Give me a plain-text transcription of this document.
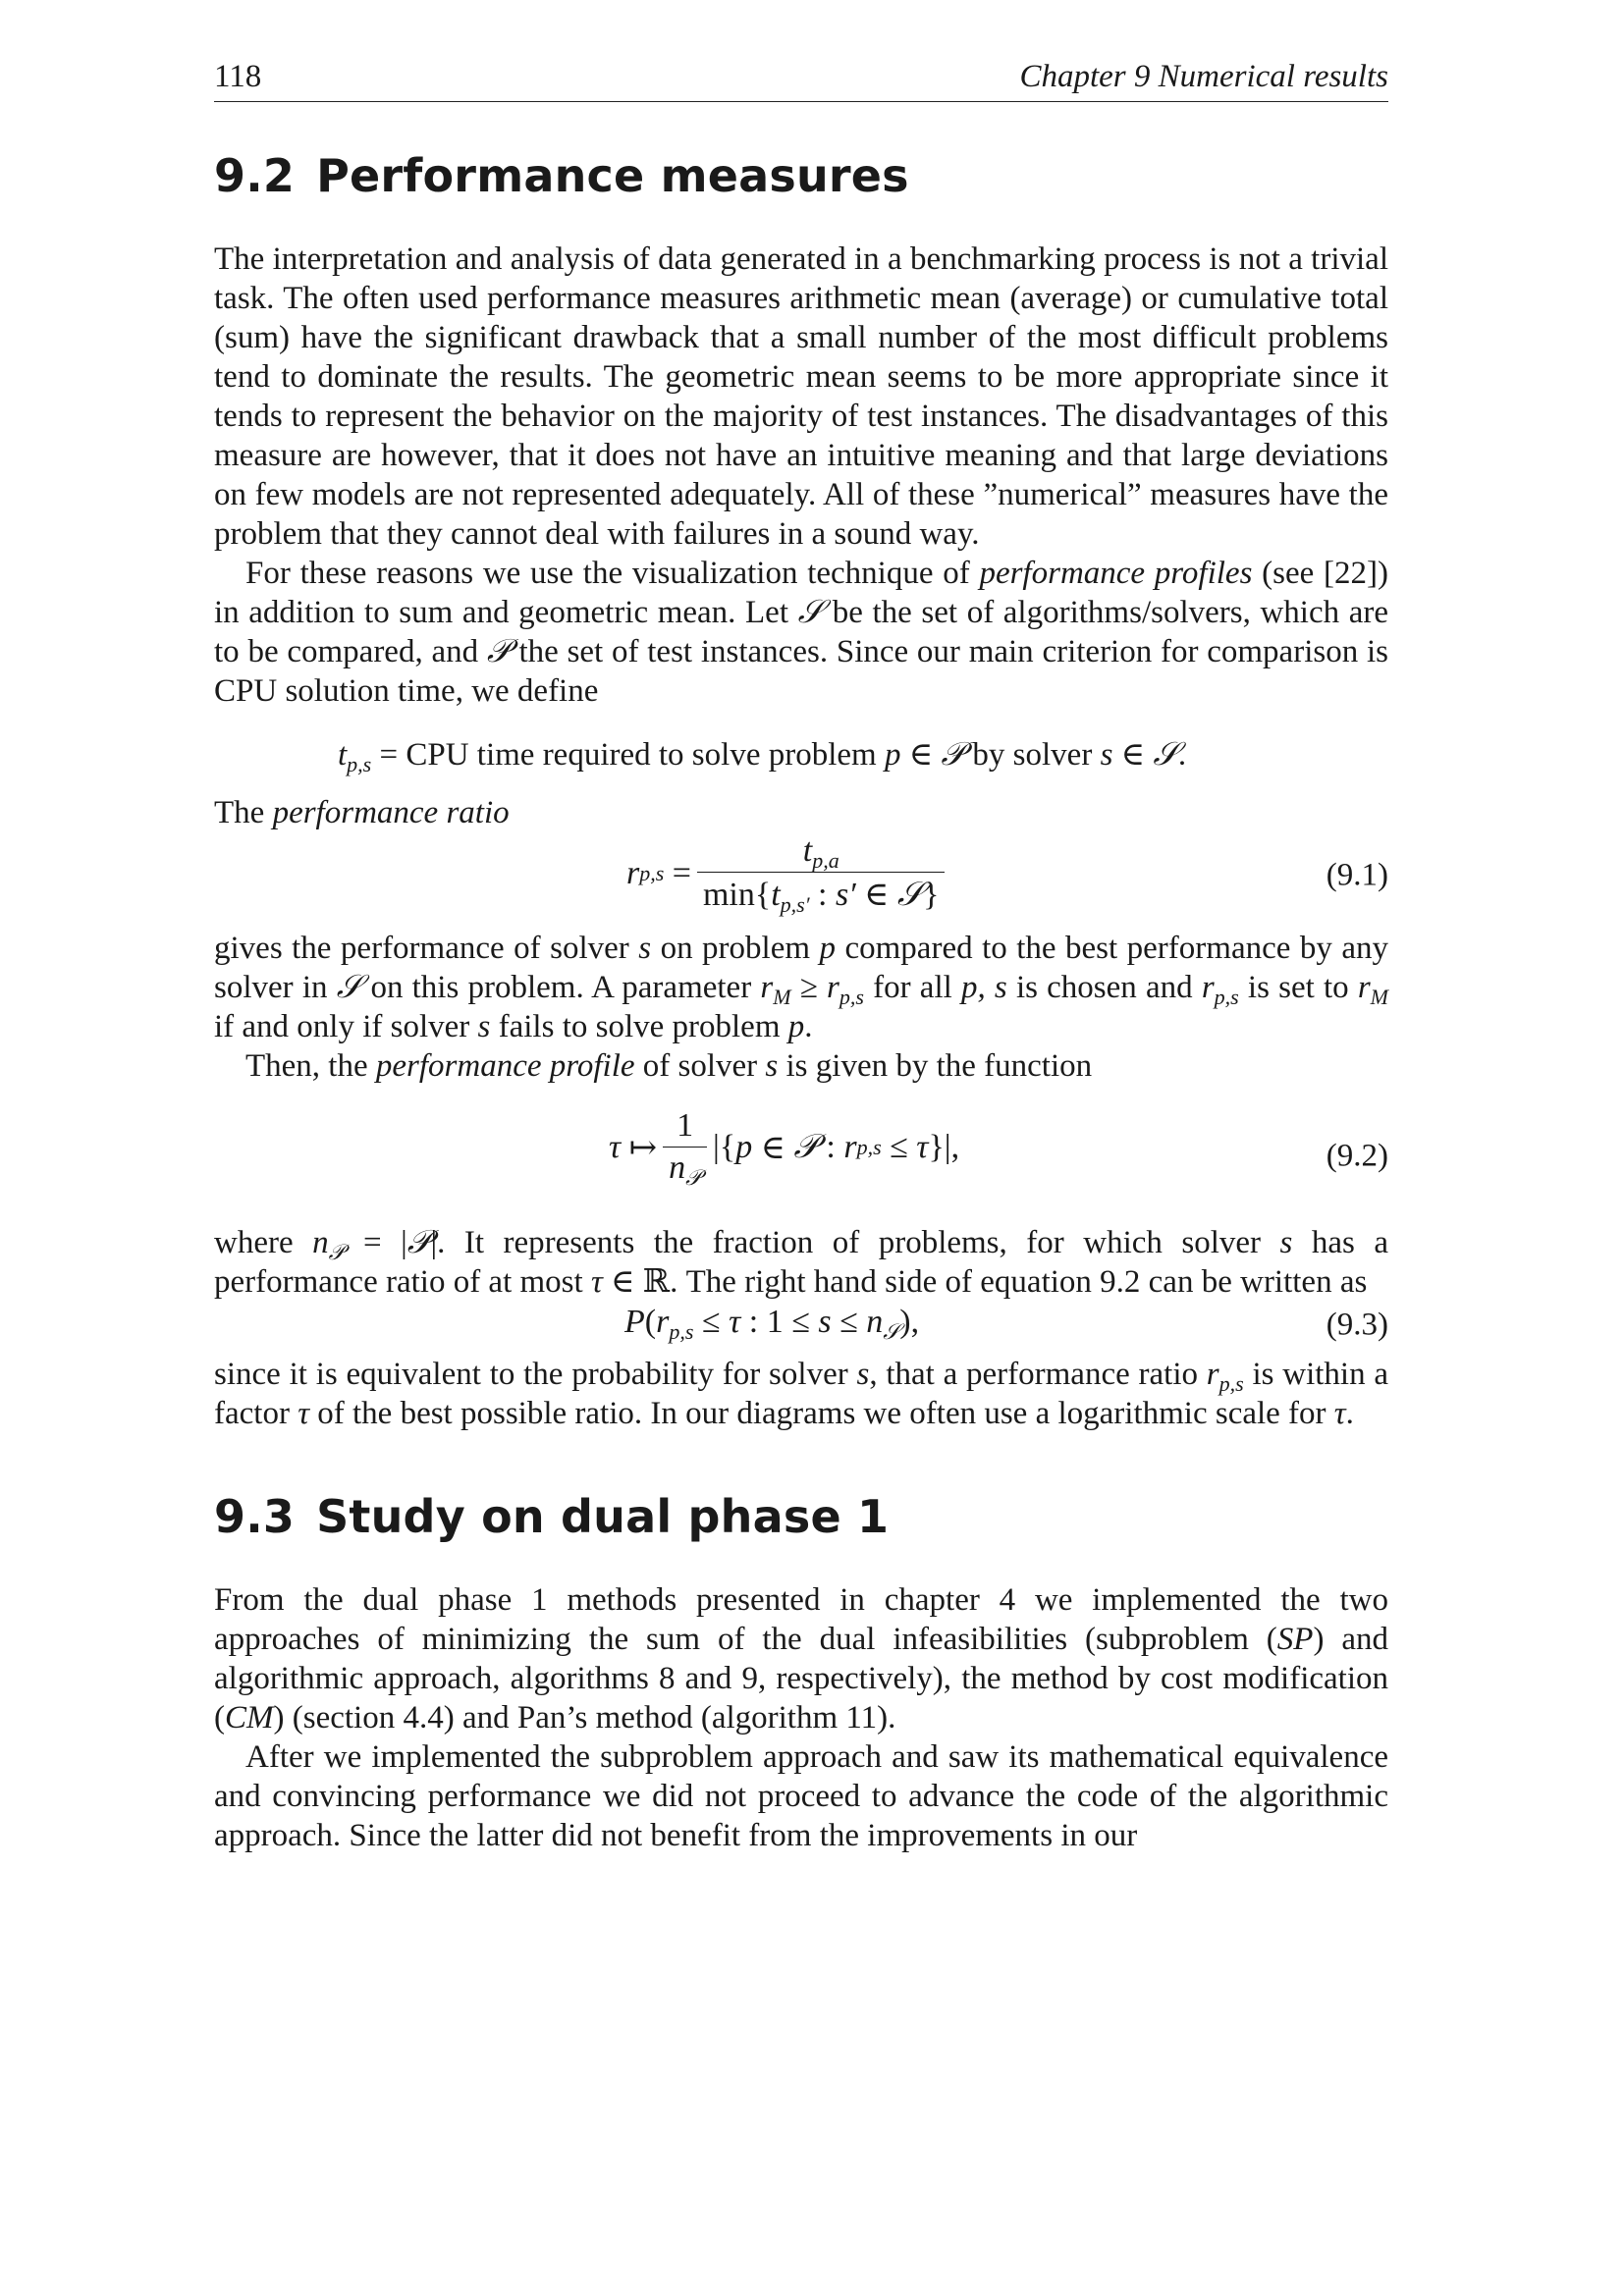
118	Chapter 9 Numerical results
9.2 Performance measures

The interpretation and analysis of data generated in a benchmarking process is not a trivial task. The often used performance measures arithmetic mean (average) or cumulative total (sum) have the significant drawback that a small number of the most difficult problems tend to dominate the results. The geometric mean seems to be more appropriate since it tends to represent the behavior on the majority of test instances. The disadvantages of this measure are however, that it does not have an intuitive meaning and that large deviations on few models are not represented adequately. All of these ”numerical” measures have the problem that they cannot deal with failures in a sound way.

For these reasons we use the visualization technique of performance profiles (see [22]) in addition to sum and geometric mean. Let 𝒮 be the set of algorithms/solvers, which are to be compared, and 𝒫 the set of test instances. Since our main criterion for comparison is CPU solution time, we define

$t_{p,s}$ = CPU time required to solve problem p ∈ 𝒫 by solver s ∈ 𝒮.

The performance ratio

r $p,s = \frac{t_{p,a}}{\min\{t_{p,s'} : s' \in 𝒮\}}$	(9.1)

gives the performance of solver s on problem p compared to the best performance by any solver in 𝒮 on this problem. A parameter $r_M \ge r_{p,s}$ for all p, s is chosen and $r_{p,s}$ is set to $r_M$ if and only if solver s fails to solve problem p.

Then, the performance profile of solver s is given by the function

τ ↦ $\frac{1}{n_𝒫}$ |{ p ∈ 𝒫 : r p,s ≤ τ }|,	(9.2)

where $n_𝒫$ = |𝒫|. It represents the fraction of problems, for which solver s has a performance ratio of at most τ ∈ ℝ. The right hand side of equation 9.2 can be written as

$P(r_{p,s} \le \tau$ : $1 \le s \le n_𝒮$),	(9.3)

since it is equivalent to the probability for solver s, that a performance ratio $r_{p,s}$ is within a factor τ of the best possible ratio. In our diagrams we often use a logarithmic scale for τ.

9.3 Study on dual phase 1

From the dual phase 1 methods presented in chapter 4 we implemented the two approaches of minimizing the sum of the dual infeasibilities (subproblem (SP) and algorithmic approach, algorithms 8 and 9, respectively), the method by cost modification (CM) (section 4.4) and Pan’s method (algorithm 11).

After we implemented the subproblem approach and saw its mathematical equivalence and convincing performance we did not proceed to advance the code of the algorithmic approach. Since the latter did not benefit from the improvements in our
